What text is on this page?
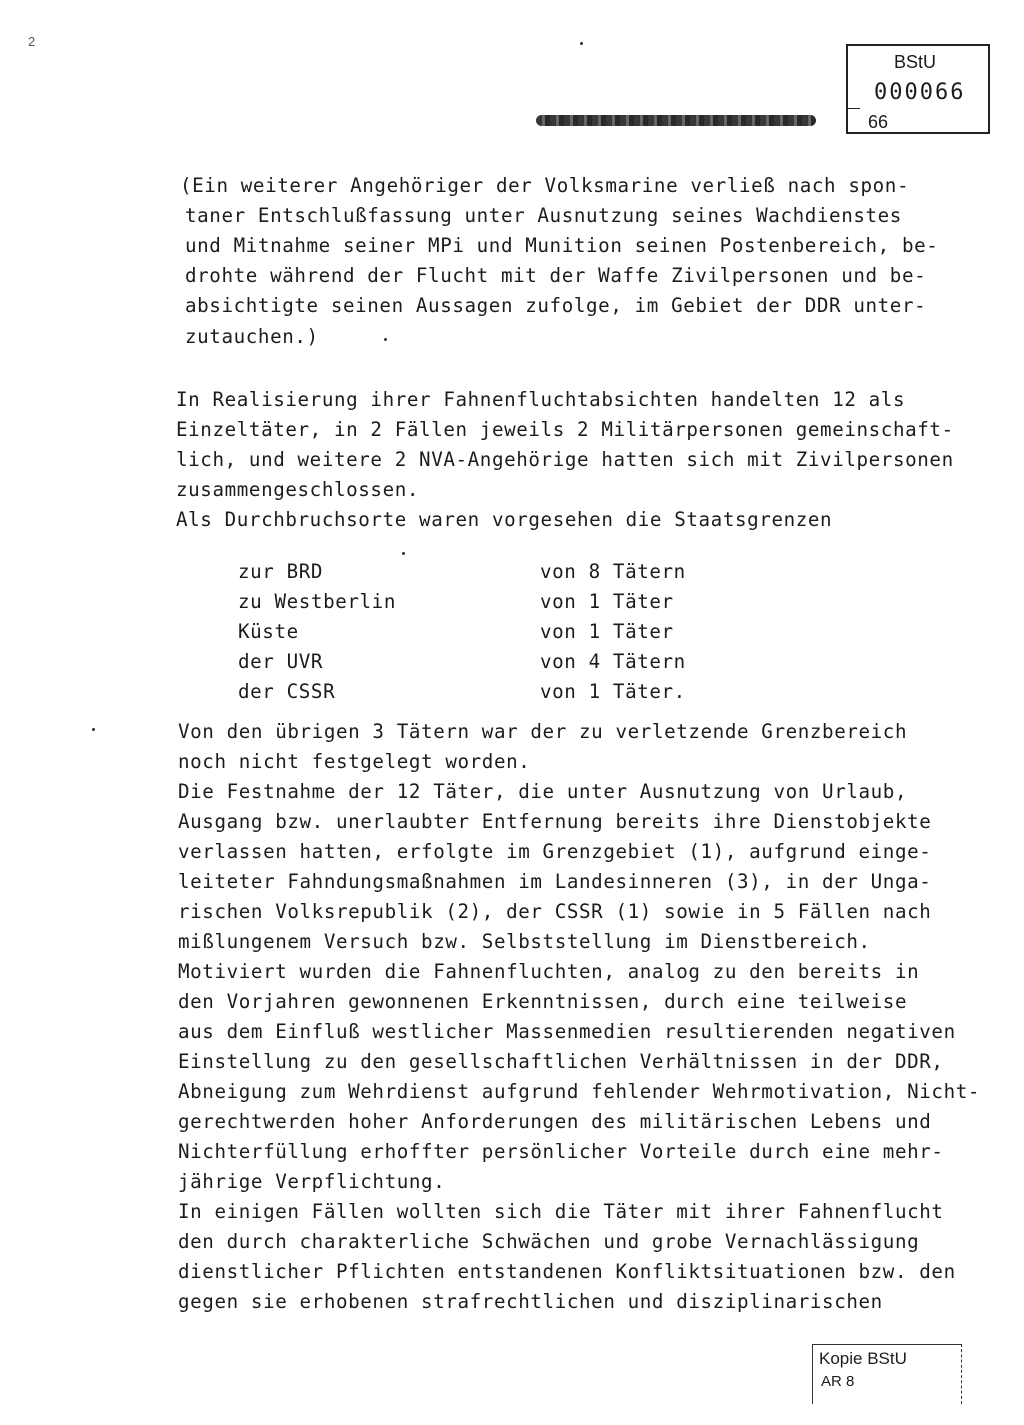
2
BStU
000066
66
(Ein weiterer Angehöriger der Volksmarine verließ nach spon-
taner Entschlußfassung unter Ausnutzung seines Wachdienstes
und Mitnahme seiner MPi und Munition seinen Postenbereich, be-
drohte während der Flucht mit der Waffe Zivilpersonen und be-
absichtigte seinen Aussagen zufolge, im Gebiet der DDR unter-
zutauchen.)
In Realisierung ihrer Fahnenfluchtabsichten handelten 12 als
Einzeltäter, in 2 Fällen jeweils 2 Militärpersonen gemeinschaft-
lich, und weitere 2 NVA-Angehörige hatten sich mit Zivilpersonen
zusammengeschlossen.
Als Durchbruchsorte waren vorgesehen die Staatsgrenzen
zur BRD	von 8 Tätern
zu Westberlin	von 1 Täter
Küste	von 1 Täter
der UVR	von 4 Tätern
der CSSR	von 1 Täter.
Von den übrigen 3 Tätern war der zu verletzende Grenzbereich
noch nicht festgelegt worden.
Die Festnahme der 12 Täter, die unter Ausnutzung von Urlaub,
Ausgang bzw. unerlaubter Entfernung bereits ihre Dienstobjekte
verlassen hatten, erfolgte im Grenzgebiet (1), aufgrund einge-
leiteter Fahndungsmaßnahmen im Landesinneren (3), in der Unga-
rischen Volksrepublik (2), der CSSR (1) sowie in 5 Fällen nach
mißlungenem Versuch bzw. Selbststellung im Dienstbereich.
Motiviert wurden die Fahnenfluchten, analog zu den bereits in
den Vorjahren gewonnenen Erkenntnissen, durch eine teilweise
aus dem Einfluß westlicher Massenmedien resultierenden negativen
Einstellung zu den gesellschaftlichen Verhältnissen in der DDR,
Abneigung zum Wehrdienst aufgrund fehlender Wehrmotivation, Nicht-
gerechtwerden hoher Anforderungen des militärischen Lebens und
Nichterfüllung erhoffter persönlicher Vorteile durch eine mehr-
jährige Verpflichtung.
In einigen Fällen wollten sich die Täter mit ihrer Fahnenflucht
den durch charakterliche Schwächen und grobe Vernachlässigung
dienstlicher Pflichten entstandenen Konfliktsituationen bzw. den
gegen sie erhobenen strafrechtlichen und disziplinarischen
Kopie BStU
AR 8
